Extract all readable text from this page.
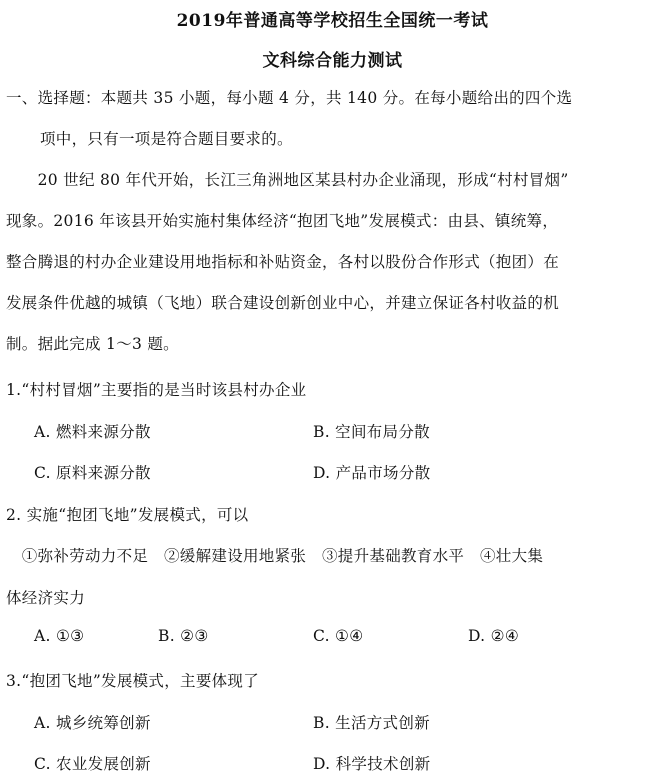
2019年普通高等学校招生全国统一考试
文科综合能力测试
一、选择题：本题共 35 小题，每小题 4 分，共 140 分。在每小题给出的四个选
项中，只有一项是符合题目要求的。

　　20 世纪 80 年代开始，长江三角洲地区某县村办企业涌现，形成“村村冒烟”

现象。2016 年该县开始实施村集体经济“抱团飞地”发展模式：由县、镇统筹，

整合腾退的村办企业建设用地指标和补贴资金，各村以股份合作形式（抱团）在

发展条件优越的城镇（飞地）联合建设创新创业中心，并建立保证各村收益的机

制。据此完成 1～3 题。

1.“村村冒烟”主要指的是当时该县村办企业
A. 燃料来源分散	B. 空间布局分散
C. 原料来源分散	D. 产品市场分散
2. 实施“抱团飞地”发展模式，可以
　①弥补劳动力不足　②缓解建设用地紧张　③提升基础教育水平　④壮大集
体经济实力
A. ①③	B. ②③	C. ①④	D. ②④
3.“抱团飞地”发展模式，主要体现了
A. 城乡统筹创新	B. 生活方式创新
C. 农业发展创新	D. 科学技术创新
